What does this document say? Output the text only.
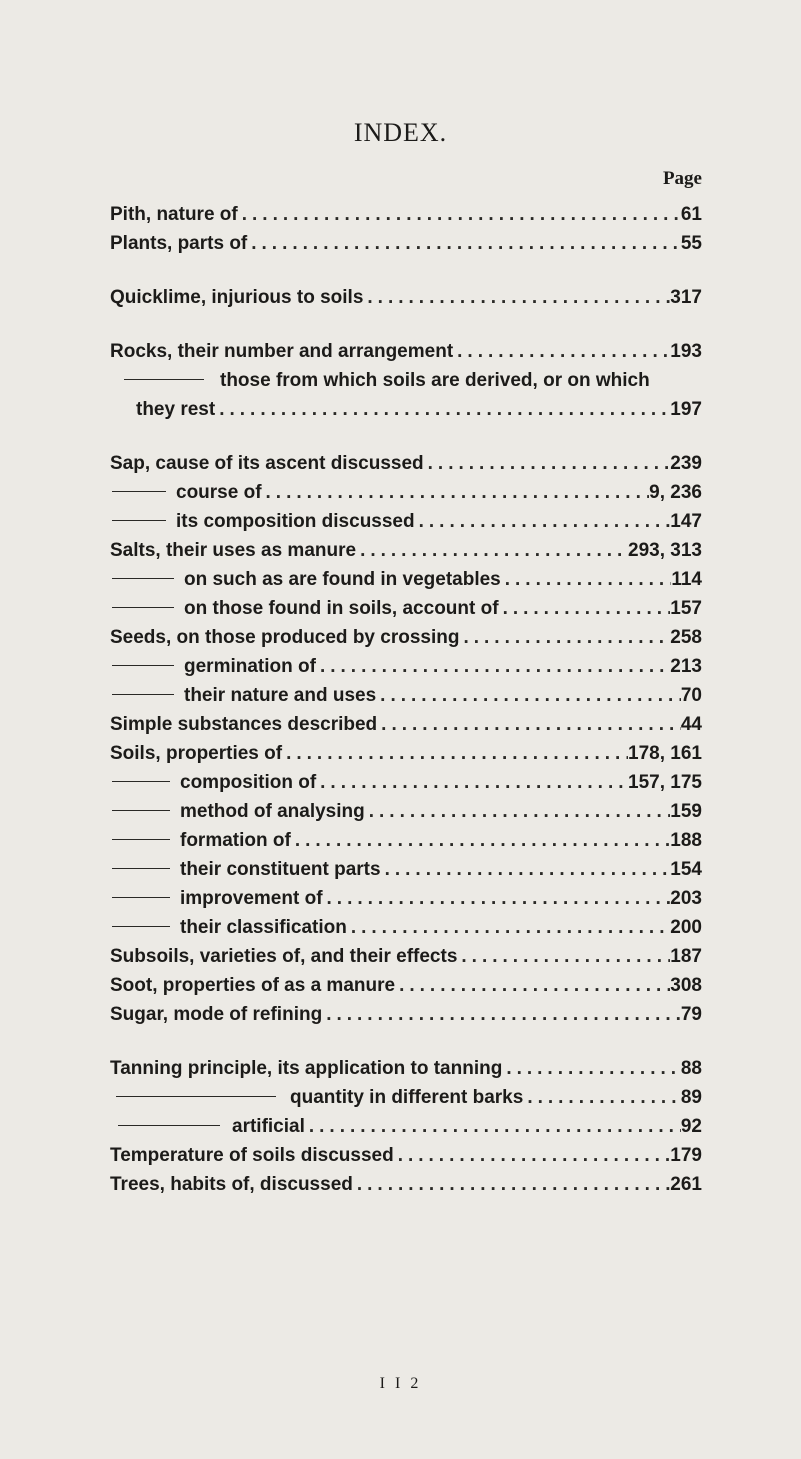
INDEX.
Page
Pith, nature of .....	61
Plants, parts of .....	55
Quicklime, injurious to soils .....	317
Rocks, their number and arrangement .....	193
those from which soils are derived, or on which
they rest .....	197
Sap, cause of its ascent discussed .....	239
course of .....	9, 236
its composition discussed .....	147
Salts, their uses as manure .....	293, 313
on such as are found in vegetables .....	114
on those found in soils, account of .....	157
Seeds, on those produced by crossing .....	258
germination of .....	213
their nature and uses .....	70
Simple substances described .....	44
Soils, properties of .....	178, 161
composition of .....	157, 175
method of analysing .....	159
formation of .....	188
their constituent parts .....	154
improvement of .....	203
their classification .....	200
Subsoils, varieties of, and their effects .....	187
Soot, properties of as a manure .....	308
Sugar, mode of refining .....	79
Tanning principle, its application to tanning .....	88
quantity in different barks .....	89
artificial .....	92
Temperature of soils discussed .....	179
Trees, habits of, discussed .....	261
I I 2
